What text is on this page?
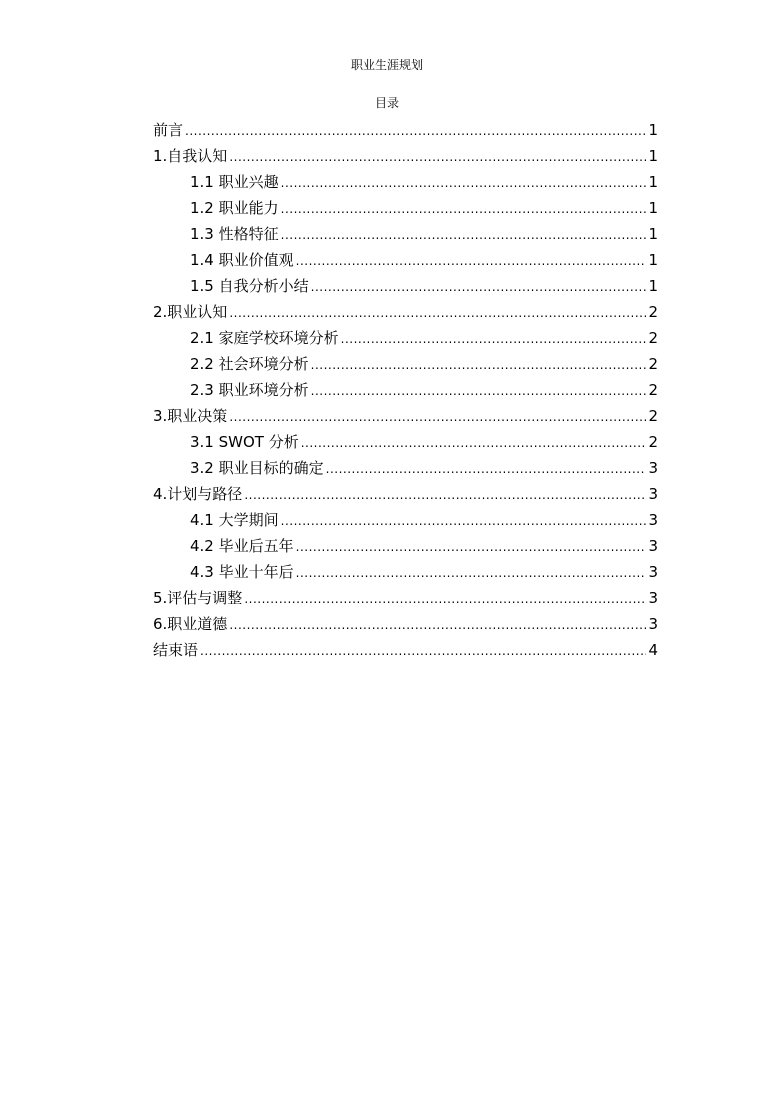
职业生涯规划
目录
前言 .....	1
1.自我认知 .....	1
1.1 职业兴趣 .....	1
1.2 职业能力 .....	1
1.3 性格特征 .....	1
1.4 职业价值观 .....	1
1.5 自我分析小结 .....	1
2.职业认知 .....	2
2.1 家庭学校环境分析 .....	2
2.2 社会环境分析 .....	2
2.3 职业环境分析 .....	2
3.职业决策 .....	2
3.1 SWOT 分析 .....	2
3.2 职业目标的确定 .....	3
4.计划与路径 .....	3
4.1 大学期间 .....	3
4.2 毕业后五年 .....	3
4.3 毕业十年后 .....	3
5.评估与调整 .....	3
6.职业道德 .....	3
结束语 .....	4
